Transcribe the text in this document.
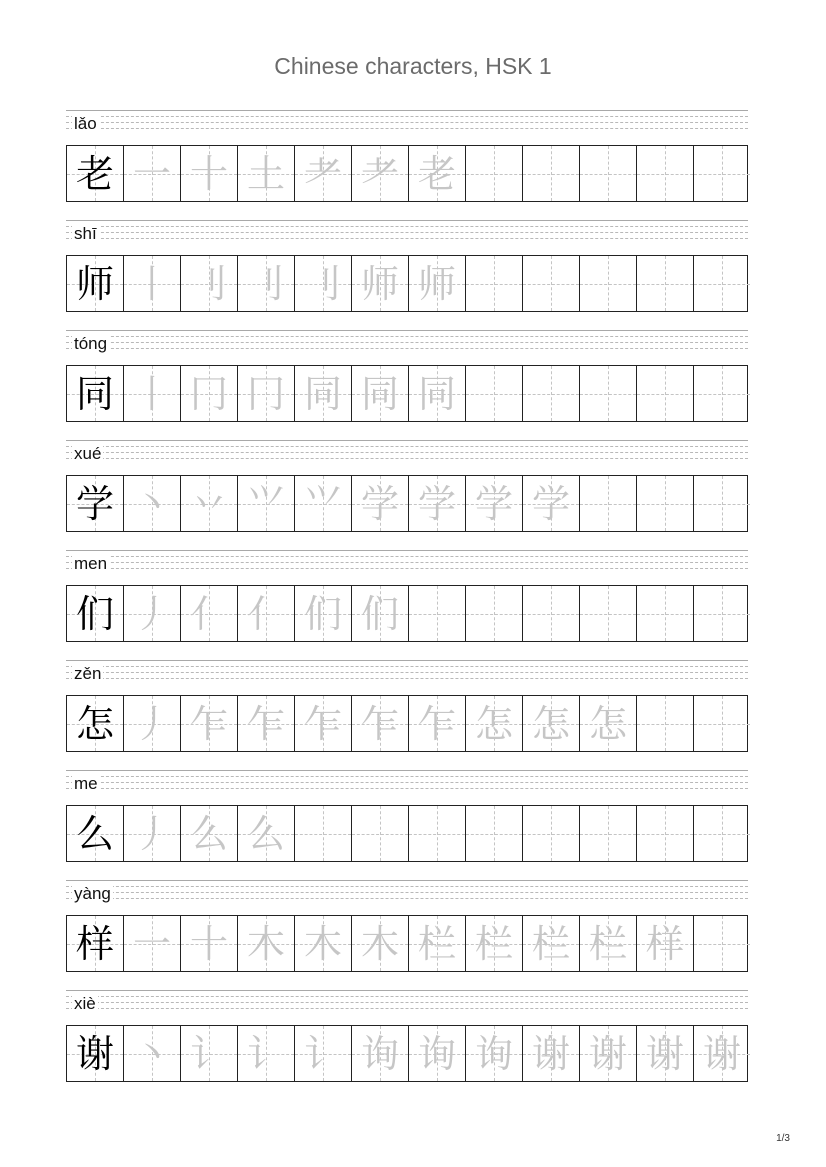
Chinese characters, HSK 1
lǎo
老 一 十 土 耂 耂 老
shī
师 丨 刂 刂 刂 师 师
tóng
同 丨 冂 冂 同 同 同
xué
学 丶 丷 ⺍ ⺍ 学 学 学 学
men
们 丿 亻 亻 们 们
zěn
怎 丿 乍 乍 乍 乍 乍 怎 怎 怎
me
么 丿 么 么
yàng
样 一 十 木 木 木 栏 栏 栏 栏 样
xiè
谢 丶 讠 讠 讠 询 询 询 谢 谢 谢 谢
1/3
